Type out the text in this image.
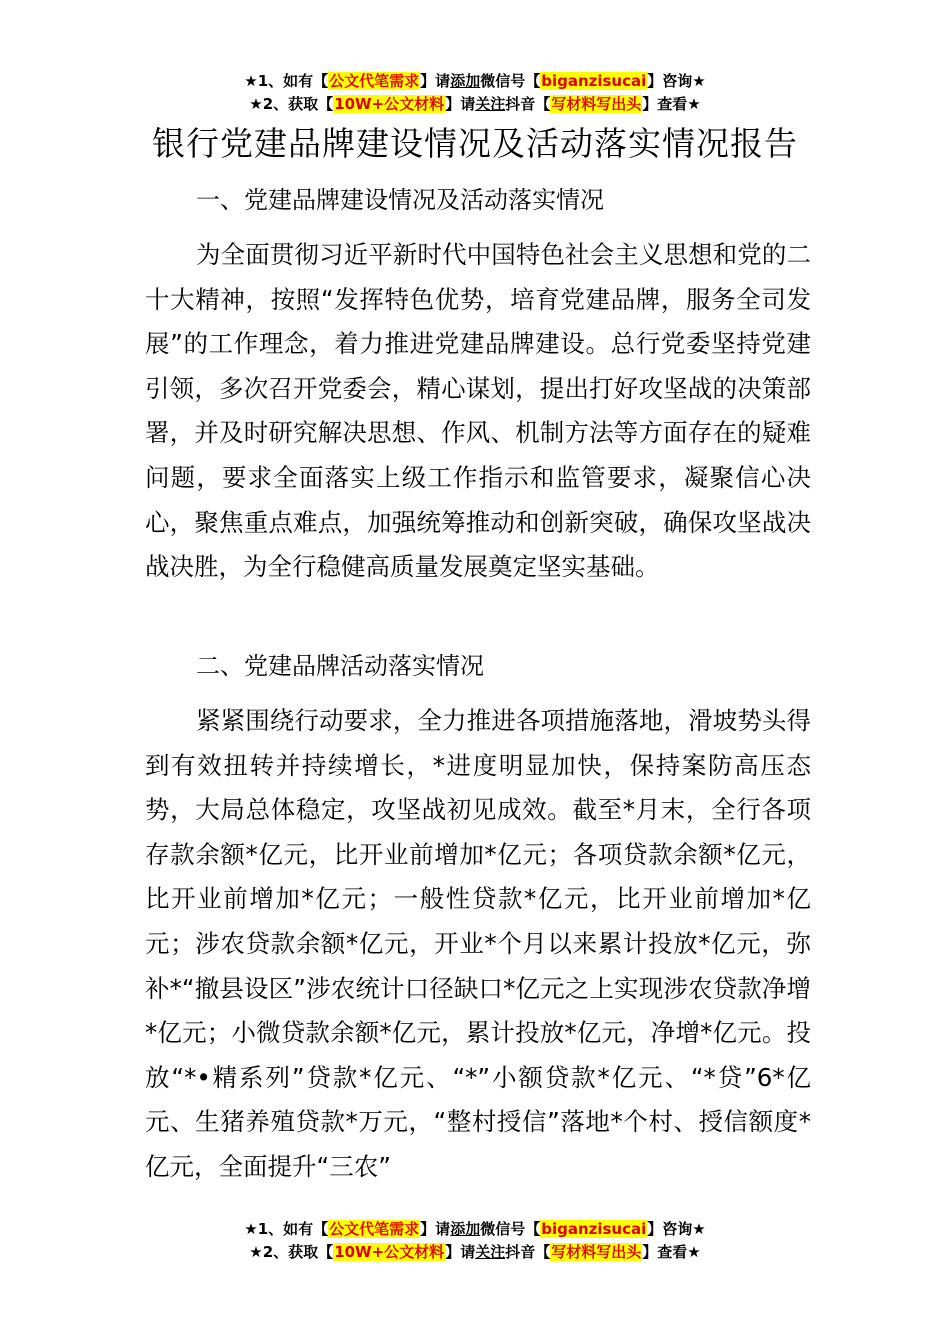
★1、如有【公文代笔需求】请添加微信号【biganzisucai】咨询★
★2、获取【10W+公文材料】请关注抖音【写材料写出头】查看★
银行党建品牌建设情况及活动落实情况报告
一、党建品牌建设情况及活动落实情况
为全面贯彻习近平新时代中国特色社会主义思想和党的二十大精神，按照“发挥特色优势，培育党建品牌，服务全司发展”的工作理念，着力推进党建品牌建设。总行党委坚持党建引领，多次召开党委会，精心谋划，提出打好攻坚战的决策部署，并及时研究解决思想、作风、机制方法等方面存在的疑难问题，要求全面落实上级工作指示和监管要求，凝聚信心决心，聚焦重点难点，加强统筹推动和创新突破，确保攻坚战决战决胜，为全行稳健高质量发展奠定坚实基础。
二、党建品牌活动落实情况
紧紧围绕行动要求，全力推进各项措施落地，滑坡势头得到有效扭转并持续增长，*进度明显加快，保持案防高压态势，大局总体稳定，攻坚战初见成效。截至*月末，全行各项存款余额*亿元，比开业前增加*亿元；各项贷款余额*亿元，比开业前增加*亿元；一般性贷款*亿元，比开业前增加*亿元；涉农贷款余额*亿元，开业*个月以来累计投放*亿元，弥补*“撤县设区”涉农统计口径缺口*亿元之上实现涉农贷款净增*亿元；小微贷款余额*亿元，累计投放*亿元，净增*亿元。投放“*•精系列”贷款*亿元、“*”小额贷款*亿元、“*贷”6*亿元、生猪养殖贷款*万元，“整村授信”落地*个村、授信额度*亿元，全面提升“三农”
★1、如有【公文代笔需求】请添加微信号【biganzisucai】咨询★
★2、获取【10W+公文材料】请关注抖音【写材料写出头】查看★
